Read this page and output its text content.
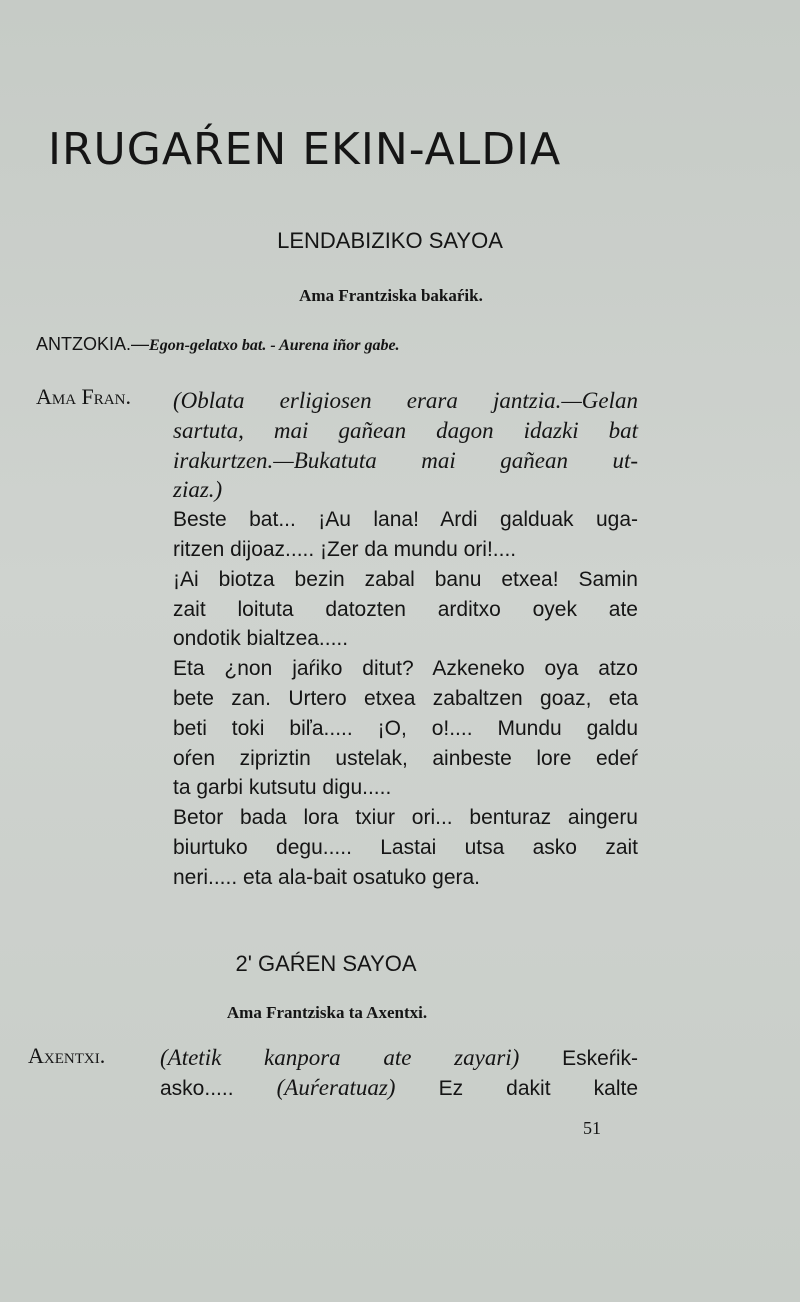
IRUGAŔEN EKIN-ALDIA
LENDABIZIKO SAYOA

Ama Frantziska bakaŕik.

ANTZOKIA.—Egon-gelatxo bat. - Aurena iñor gabe.
Ama Fran. (Oblata erligiosen erara jantzia.—Gelan
sartuta, mai gañean dagon idazki bat
irakurtzen.—Bukatuta mai gañean ut-
ziaz.)
Beste bat... ¡Au lana! Ardi galduak uga-
ritzen dijoaz..... ¡Zer da mundu ori!....
¡Ai biotza bezin zabal banu etxea! Samin
zait loituta datozten arditxo oyek ate
ondotik bialtzea.....
Eta ¿non jaŕiko ditut? Azkeneko oya atzo
bete zan. Urtero etxea zabaltzen goaz, eta
beti toki biľa..... ¡O, o!.... Mundu galdu
oŕen zipriztin ustelak, ainbeste lore edeŕ
ta garbi kutsutu digu.....
Betor bada lora txiur ori... benturaz aingeru
biurtuko degu..... Lastai utsa asko zait
neri..... eta ala-bait osatuko gera.
2' GAŔEN SAYOA

Ama Frantziska ta Axentxi.

Axentxi. (Atetik kanpora ate zayari) Eskeŕik-
asko..... (Auŕeratuaz) Ez dakit kalte

51
